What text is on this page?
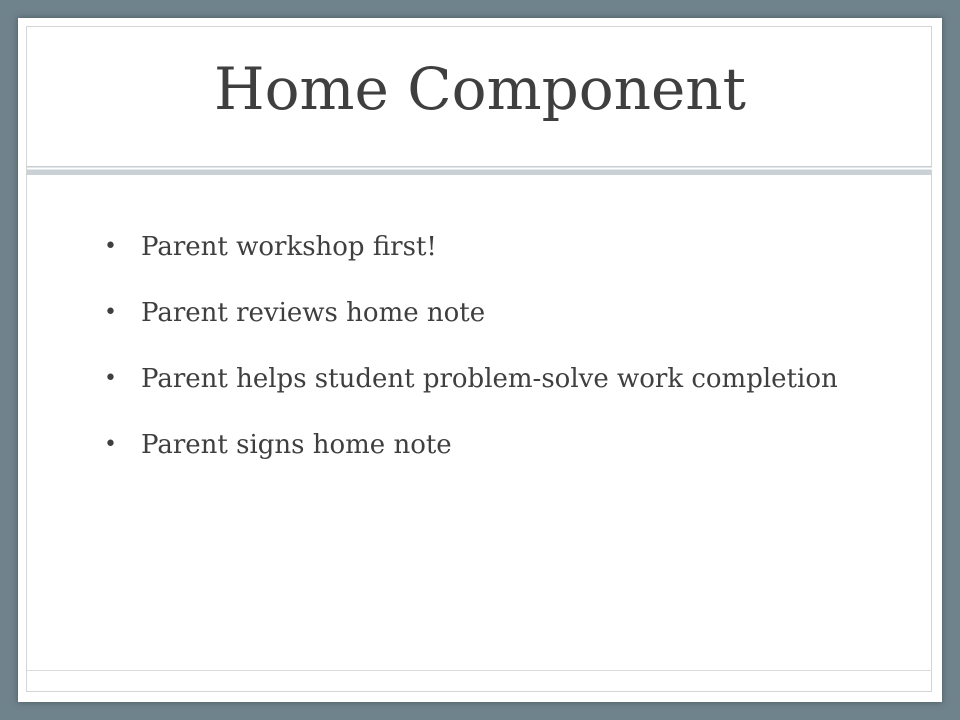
Home Component
• Parent workshop first!
• Parent reviews home note
• Parent helps student problem-solve work completion
• Parent signs home note
